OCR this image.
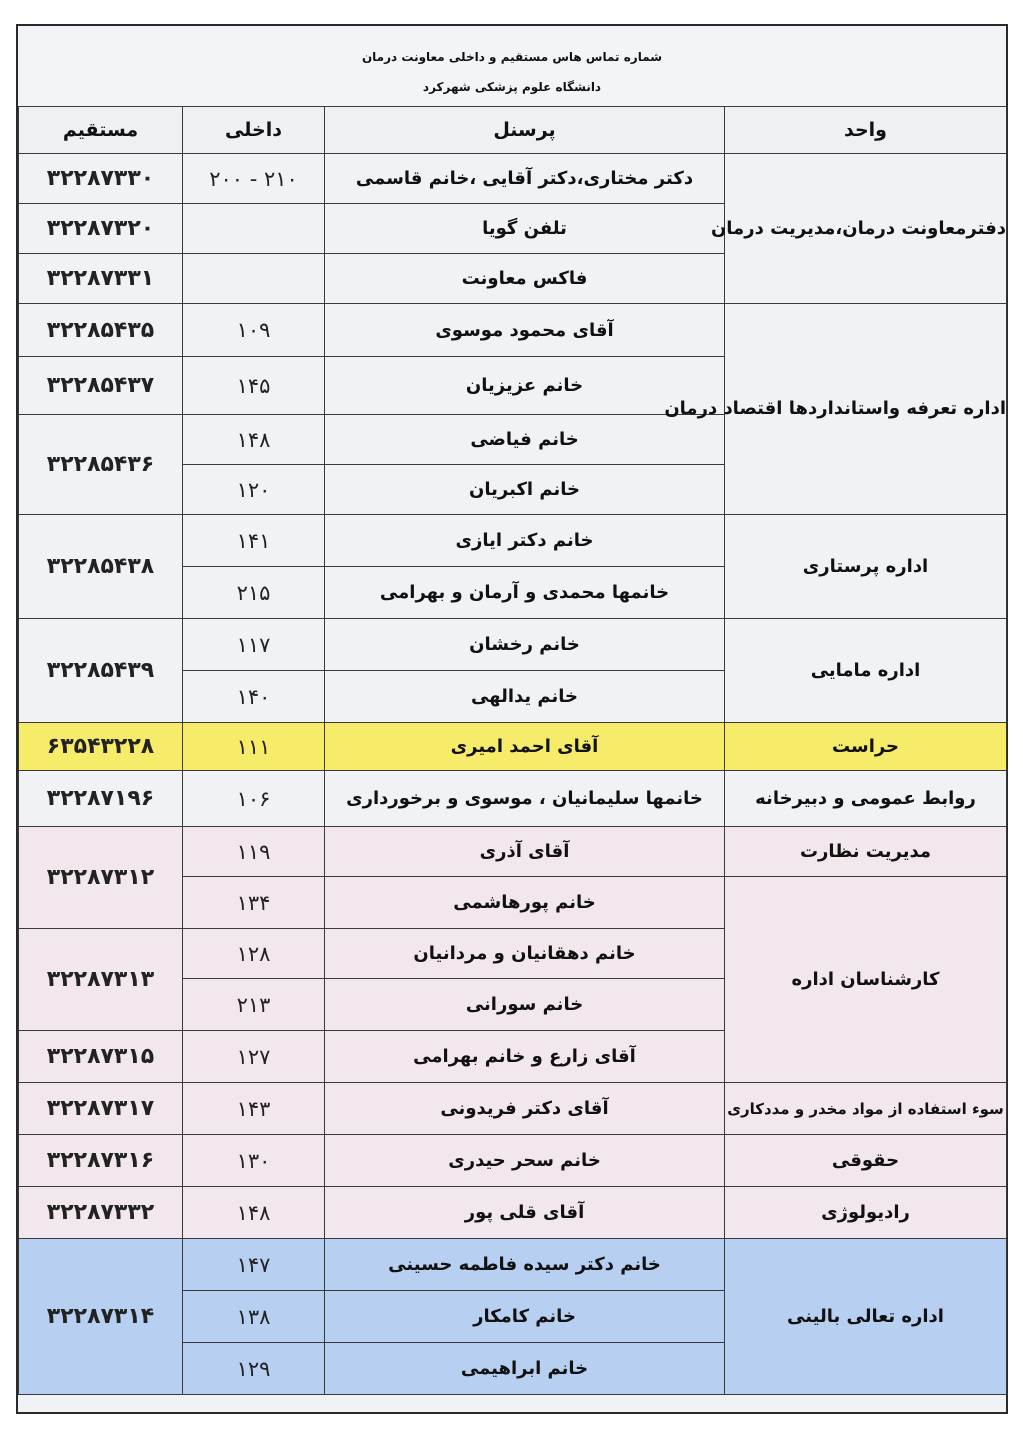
شماره تماس هاس مستقیم و داخلی معاونت درمان
دانشگاه علوم پزشکی شهرکرد
مستقیم	داخلی	پرسنل	واحد
۳۲۲۸۷۳۳۰	۲۰۰ - ۲۱۰	دکتر مختاری،دکتر آقایی ،خانم قاسمی	دفترمعاونت درمان،مدیریت درمان
۳۲۲۸۷۳۲۰		تلفن گویا	
۳۲۲۸۷۳۳۱		فاکس معاونت	
۳۲۲۸۵۴۳۵	۱۰۹	آقای محمود موسوی	اداره تعرفه واستانداردها اقتصاد درمان
۳۲۲۸۵۴۳۷	۱۴۵	خانم عزیزیان	
۳۲۲۸۵۴۳۶	۱۴۸	خانم فیاضی	
	۱۲۰	خانم اکبریان	
۳۲۲۸۵۴۳۸	۱۴۱	خانم دکتر ایازی	اداره پرستاری
	۲۱۵	خانمها محمدی و آرمان و بهرامی	
۳۲۲۸۵۴۳۹	۱۱۷	خانم رخشان	اداره مامایی
	۱۴۰	خانم یدالهی	
۶۳۵۴۳۲۲۸	۱۱۱	آقای احمد امیری	حراست
۳۲۲۸۷۱۹۶	۱۰۶	خانمها سلیمانیان ، موسوی و برخورداری	روابط عمومی و دبیرخانه
۳۲۲۸۷۳۱۲	۱۱۹	آقای آذری	مدیریت نظارت
	۱۳۴	خانم پورهاشمی	کارشناسان اداره
۳۲۲۸۷۳۱۳	۱۲۸	خانم دهقانیان و مردانیان	
	۲۱۳	خانم سورانی	
۳۲۲۸۷۳۱۵	۱۲۷	آقای زارع و خانم بهرامی	
۳۲۲۸۷۳۱۷	۱۴۳	آقای دکتر فریدونی	سوء استفاده از مواد مخدر و مددکاری
۳۲۲۸۷۳۱۶	۱۳۰	خانم سحر حیدری	حقوقی
۳۲۲۸۷۳۳۲	۱۴۸	آقای قلی پور	رادیولوژی
۳۲۲۸۷۳۱۴	۱۴۷	خانم دکتر سیده فاطمه حسینی	اداره تعالی بالینی
	۱۳۸	خانم کامکار	
	۱۲۹	خانم ابراهیمی	
